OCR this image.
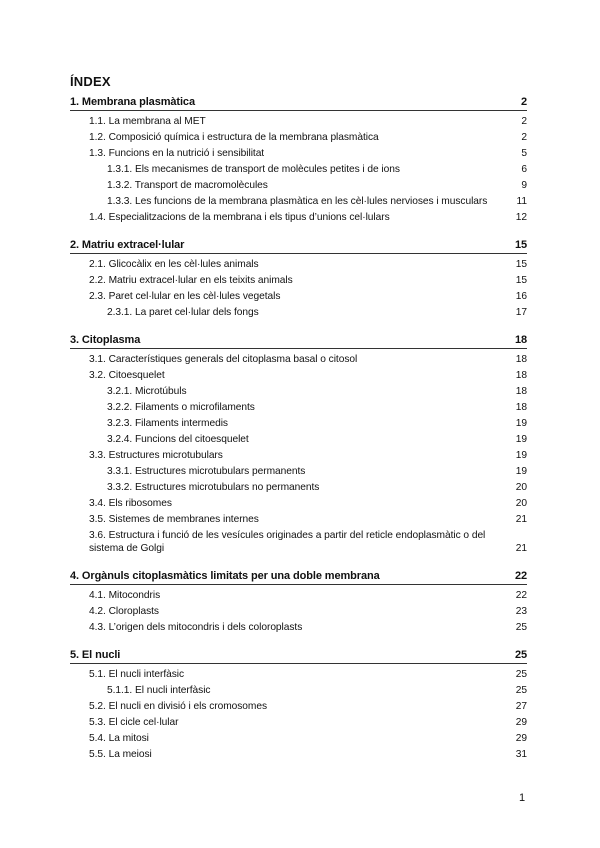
ÍNDEX
1. Membrana plasmàtica	2
1.1. La membrana al MET	2
1.2. Composició química i estructura de la membrana plasmàtica	2
1.3. Funcions en la nutrició i sensibilitat	5
1.3.1. Els mecanismes de transport de molècules petites i de ions	6
1.3.2. Transport de macromolècules	9
1.3.3. Les funcions de la membrana plasmàtica en les cèl·lules nervioses i musculars	11
1.4. Especialitzacions de la membrana i els tipus d’unions cel·lulars	12
2. Matriu extracel·lular	15
2.1. Glicocàlix en les cèl·lules animals	15
2.2. Matriu extracel·lular en els teixits animals	15
2.3. Paret cel·lular en les cèl·lules vegetals	16
2.3.1. La paret cel·lular dels fongs	17
3. Citoplasma	18
3.1. Característiques generals del citoplasma basal o citosol	18
3.2. Citoesquelet	18
3.2.1. Microtúbuls	18
3.2.2. Filaments o microfilaments	18
3.2.3. Filaments intermedis	19
3.2.4. Funcions del citoesquelet	19
3.3. Estructures microtubulars	19
3.3.1. Estructures microtubulars permanents	19
3.3.2. Estructures microtubulars no permanents	20
3.4. Els ribosomes	20
3.5. Sistemes de membranes internes	21
3.6. Estructura i funció de les vesícules originades a partir del reticle endoplasmàtic o del sistema de Golgi	21
4. Orgànuls citoplasmàtics limitats per una doble membrana	22
4.1. Mitocondris	22
4.2. Cloroplasts	23
4.3. L’origen dels mitocondris i dels coloroplasts	25
5. El nucli	25
5.1. El nucli interfàsic	25
5.1.1. El nucli interfàsic	25
5.2. El nucli en divisió i els cromosomes	27
5.3. El cicle cel·lular	29
5.4. La mitosi	29
5.5. La meiosi	31
1
